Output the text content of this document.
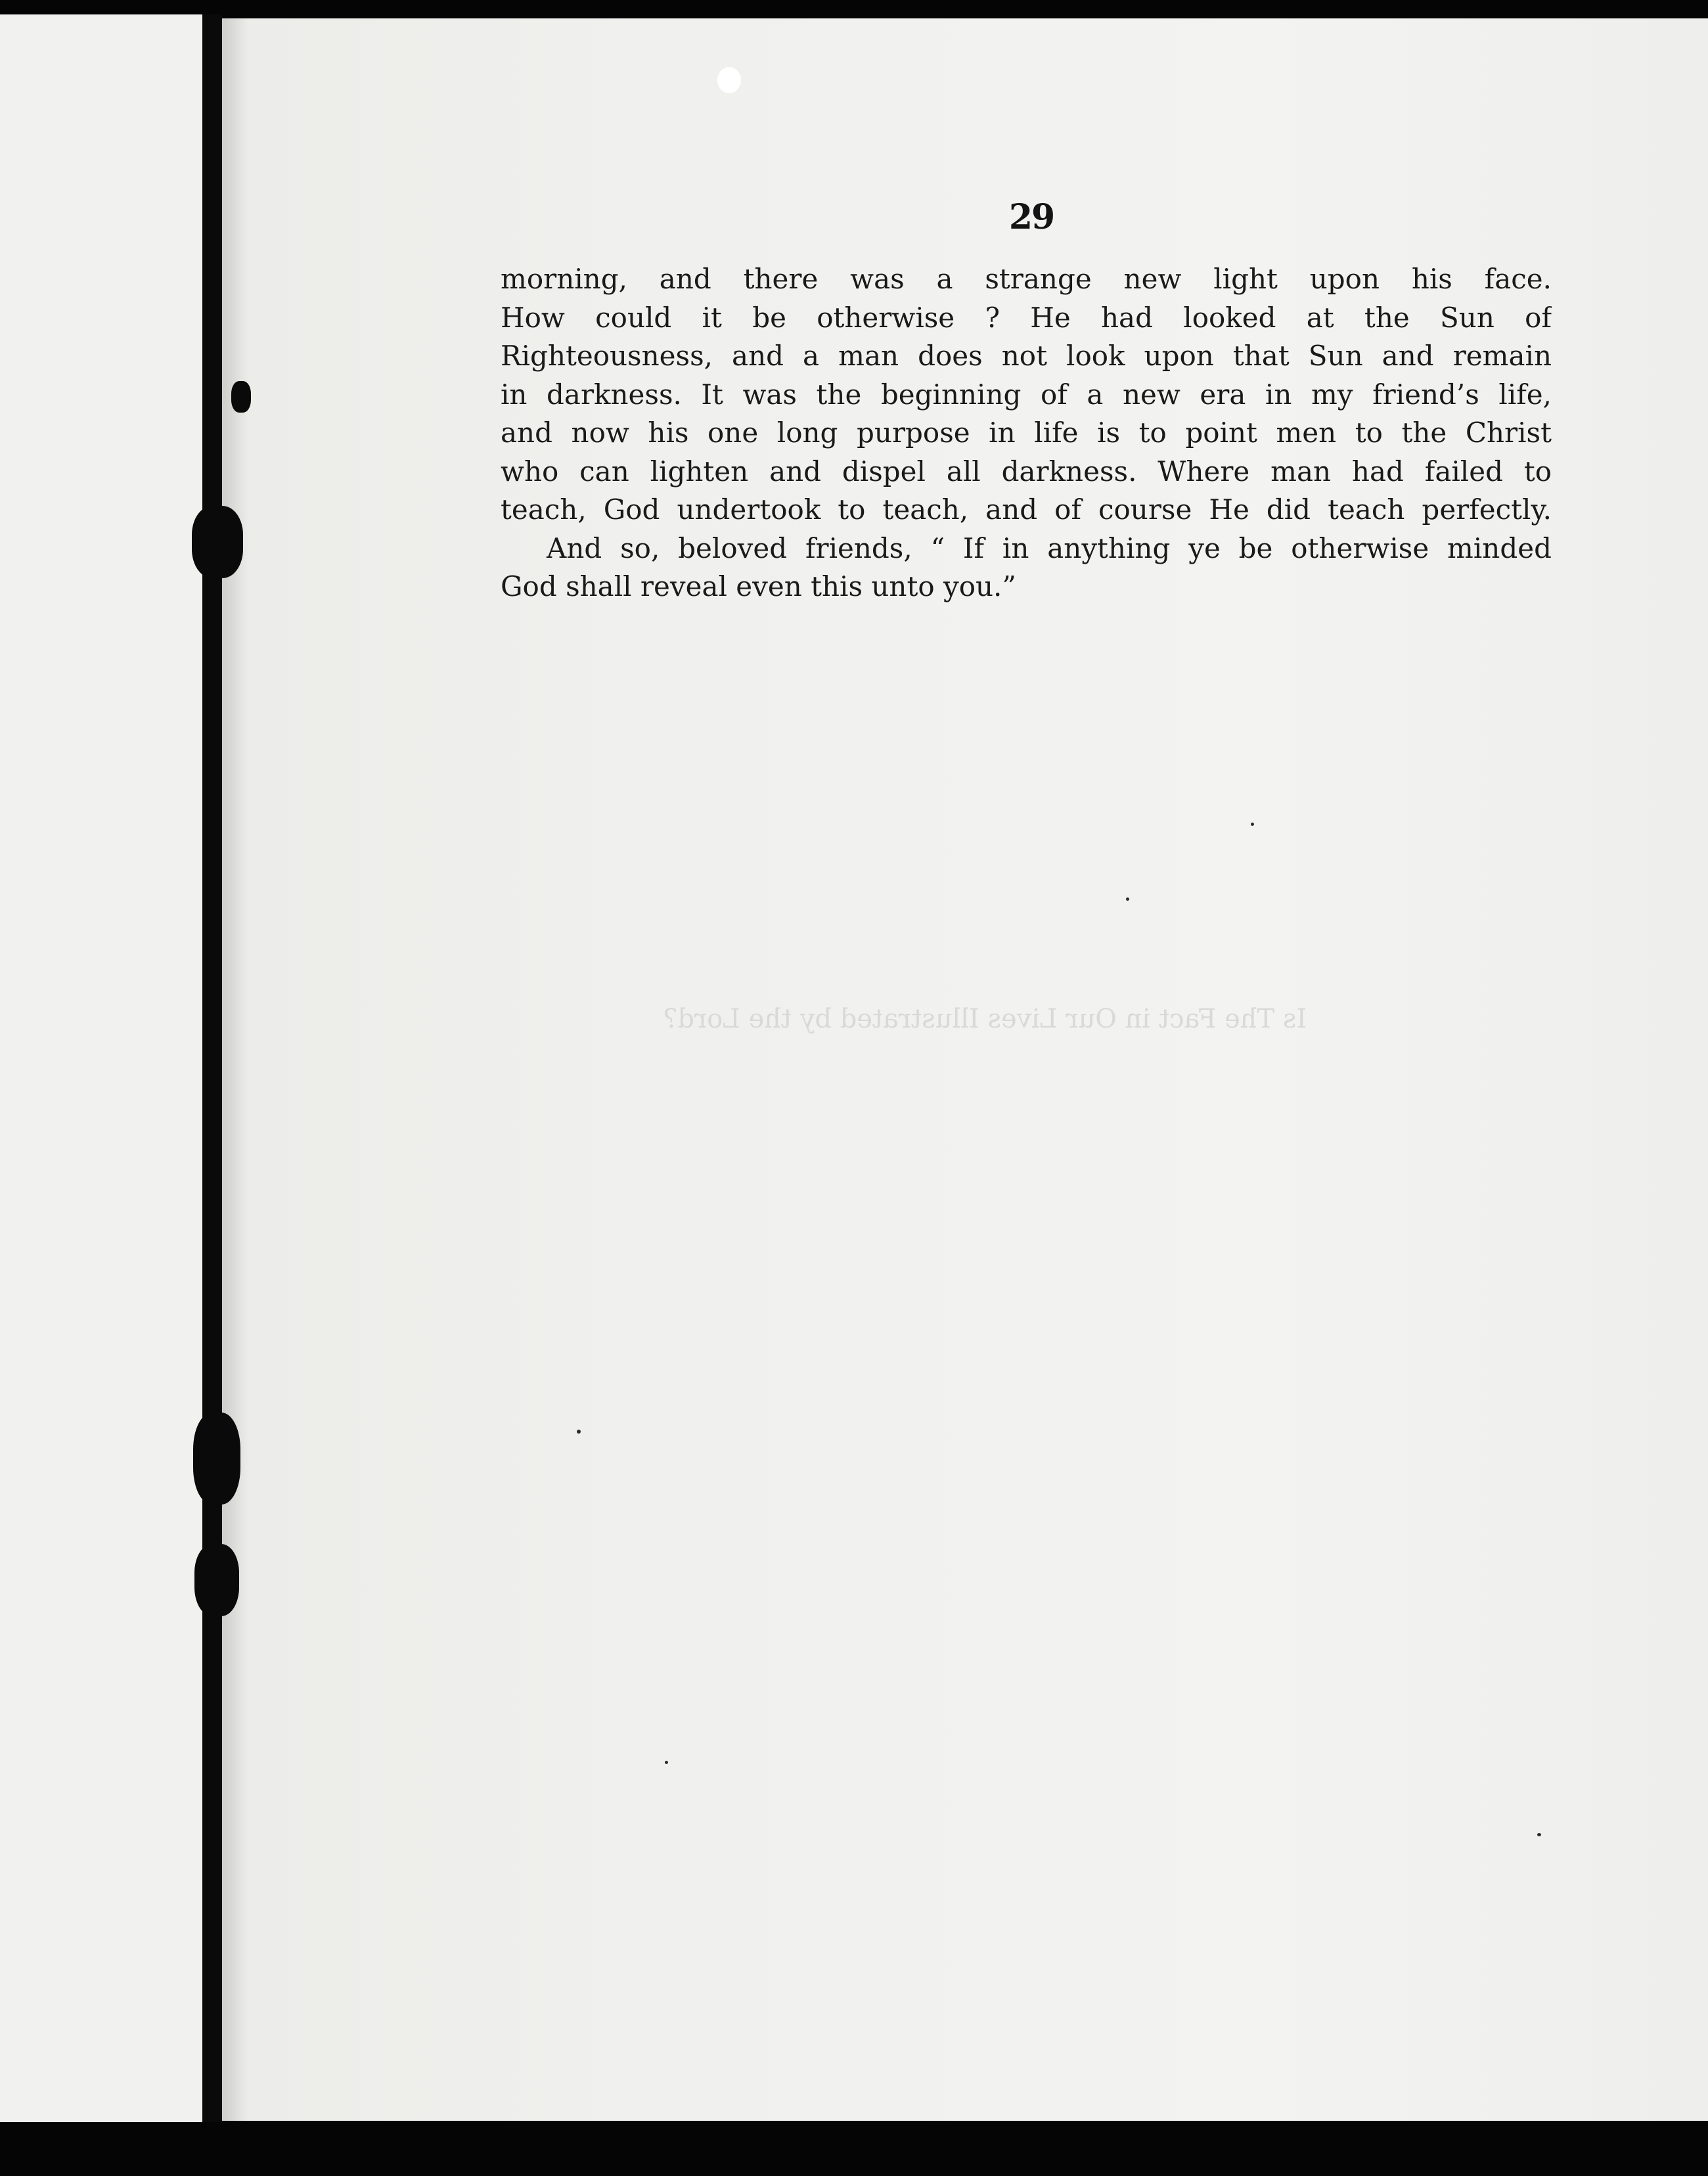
Is The Fact in Our Lives Illustrated by the Lord?
29
morning, and there was a strange new light upon his face.
How could it be otherwise ? He had looked at the Sun of
Righteousness, and a man does not look upon that Sun and remain
in darkness. It was the beginning of a new era in my friend’s life,
and now his one long purpose in life is to point men to the Christ
who can lighten and dispel all darkness. Where man had failed to
teach, God undertook to teach, and of course He did teach perfectly.
And so, beloved friends, “ If in anything ye be otherwise minded
God shall reveal even this unto you.”
